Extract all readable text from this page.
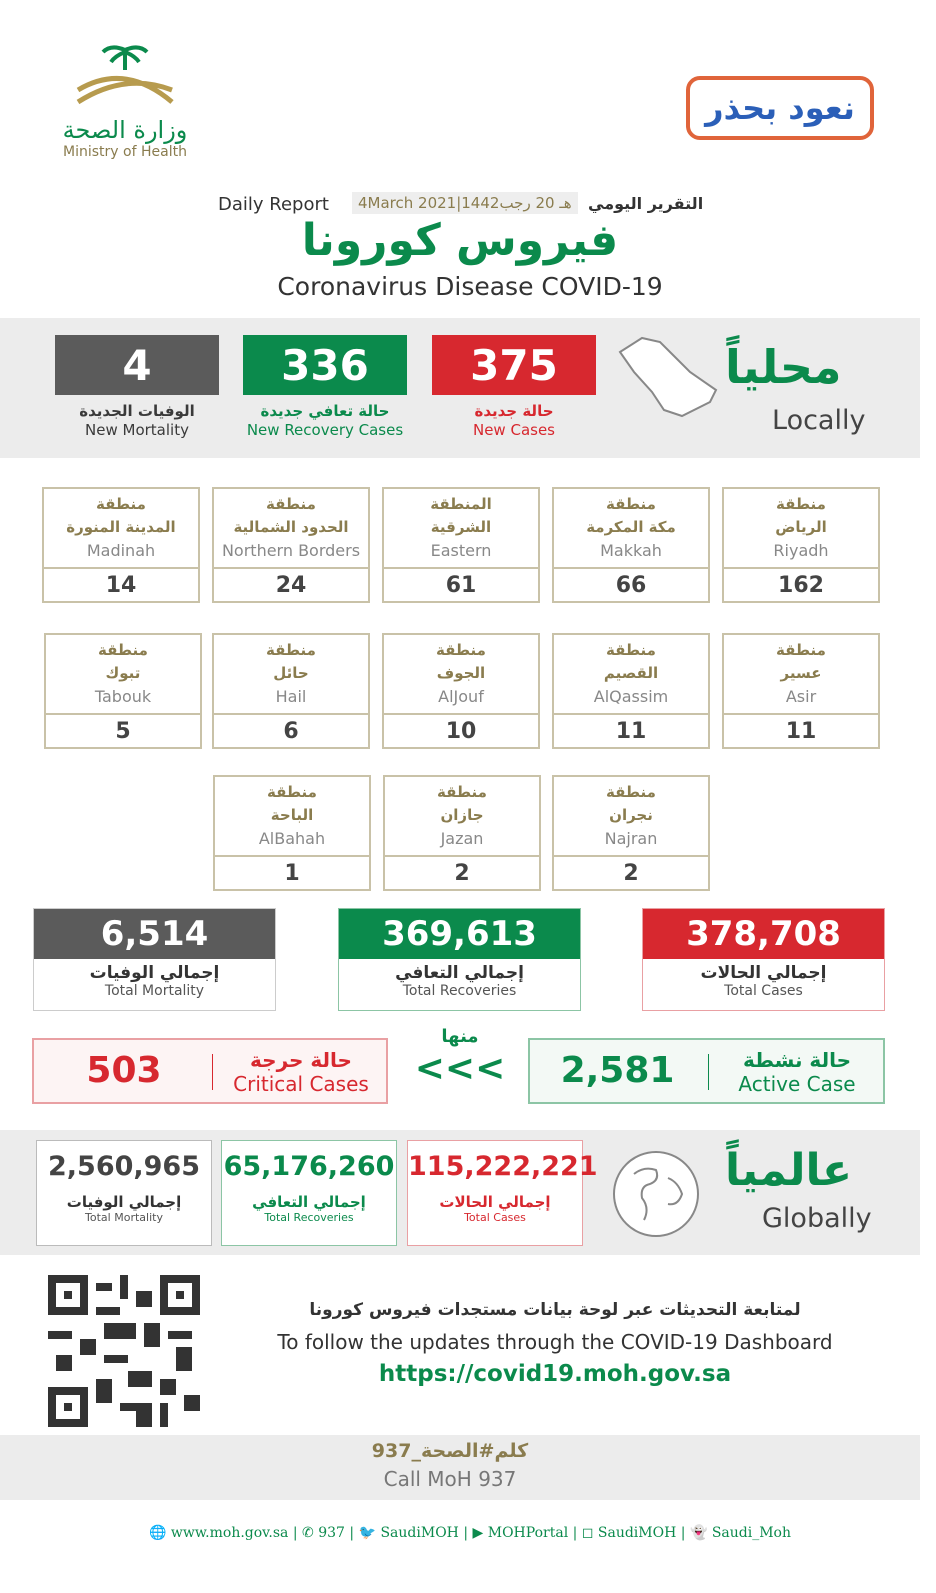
وزارة الصحة
Ministry of Health
نعود بحذر
Daily Report	4March 2021|1442هـ 20 رجب	التقرير اليومي
فيروس كورونا
Coronavirus Disease COVID-19
4
الوفيات الجديدة
New Mortality
336
حالة تعافي جديدة
New Recovery Cases
375
حالة جديدة
New Cases
محلياً
Locally
منطقة
الرياض
Riyadh
162
منطقة
مكة المكرمة
Makkah
66
المنطقة
الشرقية
Eastern
61
منطقة
الحدود الشمالية
Northern Borders
24
منطقة
المدينة المنورة
Madinah
14
منطقة
عسير
Asir
11
منطقة
القصيم
AlQassim
11
منطقة
الجوف
AlJouf
10
منطقة
حائل
Hail
6
منطقة
تبوك
Tabouk
5
منطقة
نجران
Najran
2
منطقة
جازان
Jazan
2
منطقة
الباحة
AlBahah
1
6,514
إجمالي الوفيات
Total Mortality
369,613
إجمالي التعافي
Total Recoveries
378,708
إجمالي الحالات
Total Cases
503	حالة حرجة
Critical Cases
منها
<<<	2,581	حالة نشطة
Active Case
2,560,965
إجمالي الوفيات
Total Mortality
65,176,260
إجمالي التعافي
Total Recoveries
115,222,221
إجمالي الحالات
Total Cases
عالمياً
Globally
لمتابعة التحديثات عبر لوحة بيانات مستجدات فيروس كورونا
To follow the updates through the COVID-19 Dashboard
https://covid19.moh.gov.sa
كلم#الصحة_937
Call MoH 937
🌐 www.moh.gov.sa | ✆ 937 | 🐦 SaudiMOH | ▶ MOHPortal | ◻ SaudiMOH | 👻 Saudi_Moh
